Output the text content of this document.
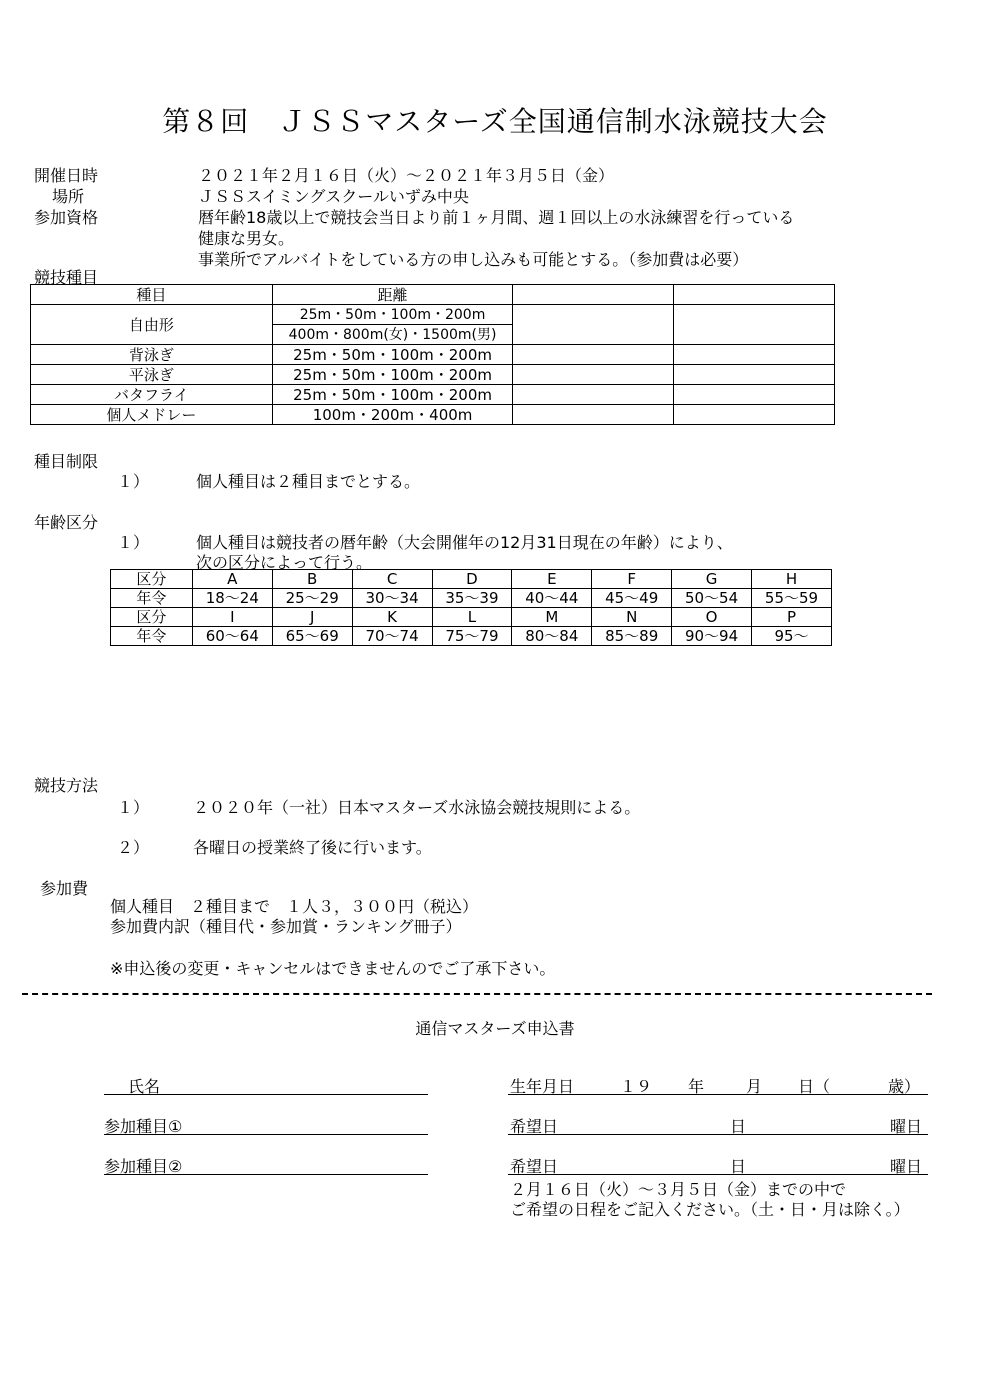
第８回　ＪＳＳマスターズ全国通信制水泳競技大会
開催日時	２０２１年２月１６日（火）～２０２１年３月５日（金）
場所	ＪＳＳスイミングスクールいずみ中央
参加資格	暦年齢18歳以上で競技会当日より前１ヶ月間、週１回以上の水泳練習を行っている
健康な男女。
事業所でアルバイトをしている方の申し込みも可能とする。（参加費は必要）
競技種目
種目	距離		
自由形	25m・50m・100m・200m		
	400m・800m(女)・1500m(男)		
背泳ぎ	25m・50m・100m・200m		
平泳ぎ	25m・50m・100m・200m		
バタフライ	25m・50m・100m・200m		
個人メドレー	100m・200m・400m		
種目制限
１）	個人種目は２種目までとする。
年齢区分
１）	個人種目は競技者の暦年齢（大会開催年の12月31日現在の年齢）により、
次の区分によって行う。
区分	A	B	C	D	E	F	G	H
年令	18～24	25～29	30～34	35～39	40～44	45～49	50～54	55～59
区分	I	J	K	L	M	N	O	P
年令	60～64	65～69	70～74	75～79	80～84	85～89	90～94	95～
競技方法
１）	２０２０年（一社）日本マスターズ水泳協会競技規則による。
２）	各曜日の授業終了後に行います。
参加費
個人種目　２種目まで　１人３，３００円（税込）
参加費内訳（種目代・参加賞・ランキング冊子）
※申込後の変更・キャンセルはできませんのでご了承下さい。
通信マスターズ申込書
氏名	生年月日	１９ 年	月 日（	歳）
参加種目①	希望日	日	曜日
参加種目②	希望日	日	曜日
２月１６日（火）～３月５日（金）までの中で
ご希望の日程をご記入ください。（土・日・月は除く。）
